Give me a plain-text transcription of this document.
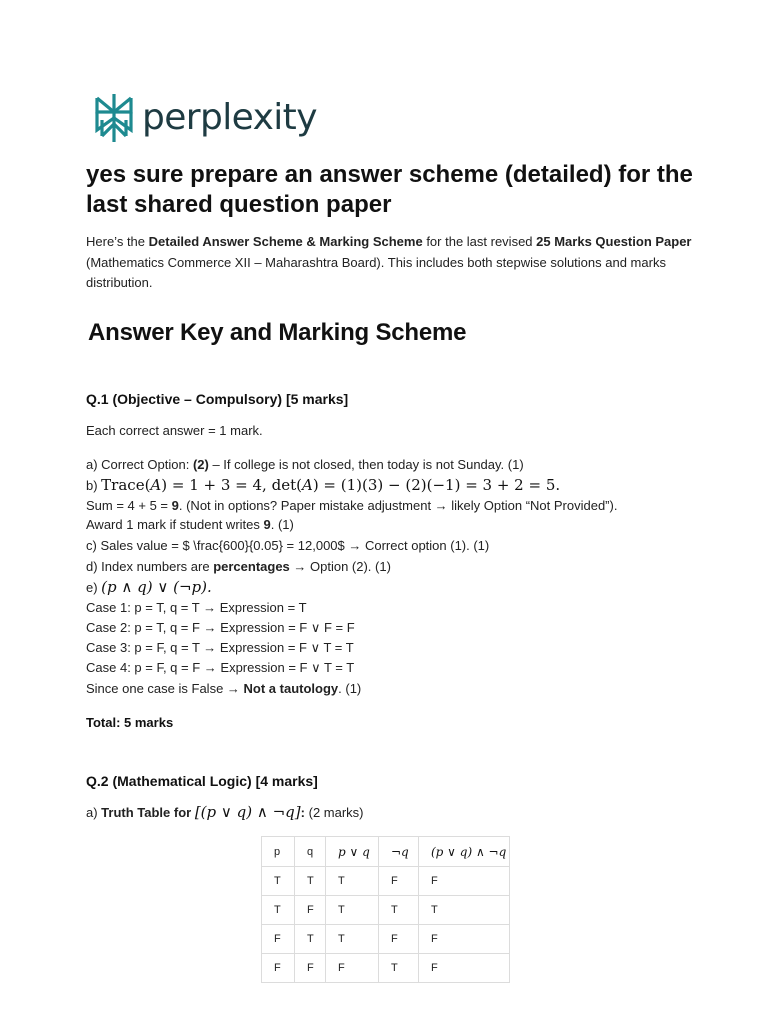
perplexity
yes sure prepare an answer scheme (detailed) for the last shared question paper

Here’s the Detailed Answer Scheme & Marking Scheme for the last revised 25 Marks Question Paper (Mathematics Commerce XII – Maharashtra Board). This includes both stepwise solutions and marks distribution.

Answer Key and Marking Scheme
Q.1 (Objective – Compulsory) [5 marks]

Each correct answer = 1 mark.

a) Correct Option: (2) – If college is not closed, then today is not Sunday. (1)

b) Trace(A) = 1 + 3 = 4, det(A) = (1)(3) − (2)(−1) = 3 + 2 = 5.

Sum = 4 + 5 = 9. (Not in options? Paper mistake adjustment → likely Option “Not Provided”).

Award 1 mark if student writes 9. (1)

c) Sales value = $ \frac{600}{0.05} = 12,000$ → Correct option (1). (1)

d) Index numbers are percentages → Option (2). (1)

e) (p ∧ q) ∨ (¬p).

Case 1: p = T, q = T → Expression = T

Case 2: p = T, q = F → Expression = F ∨ F = F

Case 3: p = F, q = T → Expression = F ∨ T = T

Case 4: p = F, q = F → Expression = F ∨ T = T

Since one case is False → Not a tautology. (1)

Total: 5 marks

Q.2 (Mathematical Logic) [4 marks]

a) Truth Table for [(p ∨ q) ∧ ¬q]: (2 marks)

p	q	p ∨ q	¬q	(p ∨ q) ∧ ¬q
T	T	T	F	F
T	F	T	T	T
F	T	T	F	F
F	F	F	T	F
